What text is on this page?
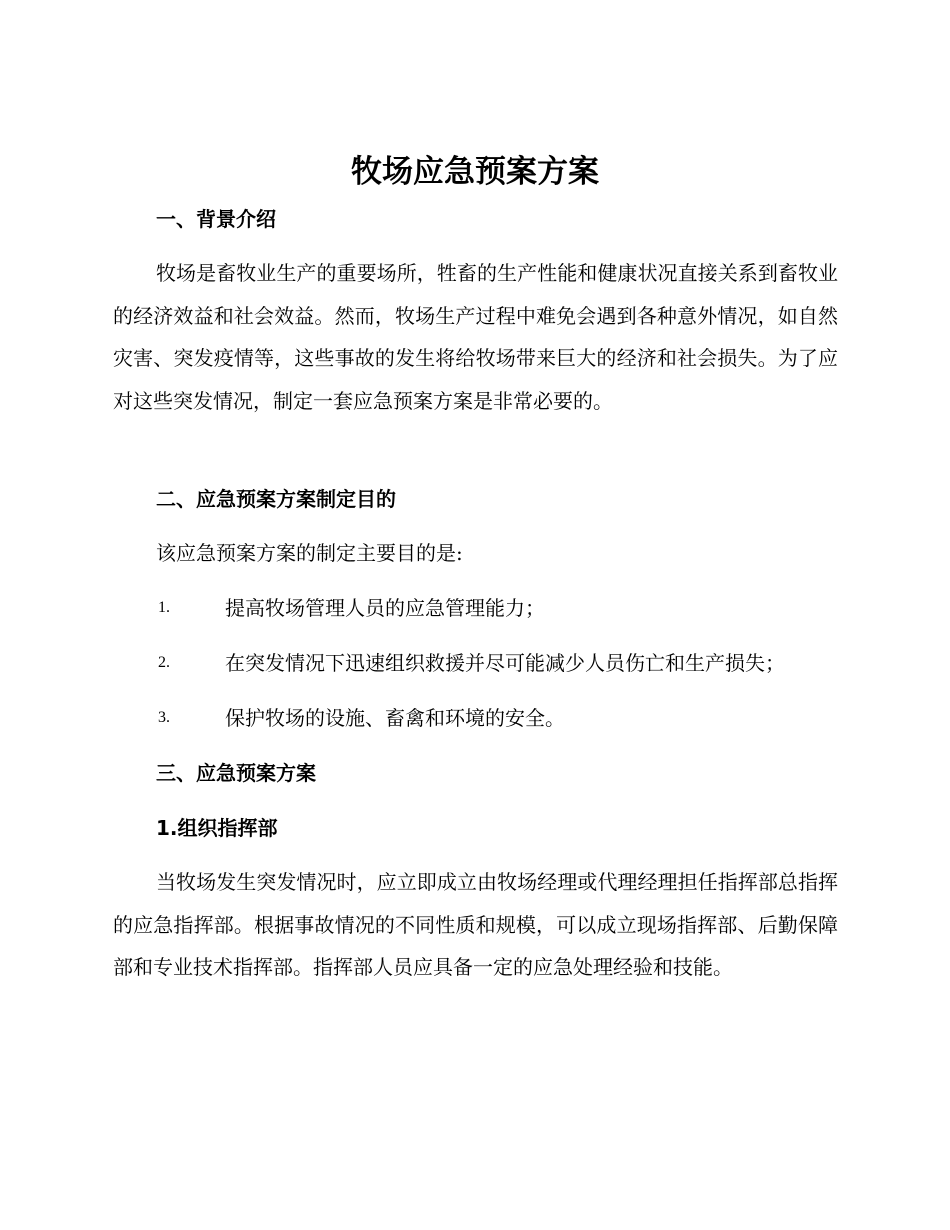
牧场应急预案方案
一、背景介绍

牧场是畜牧业生产的重要场所，牲畜的生产性能和健康状况直接关系到畜牧业的经济效益和社会效益。然而，牧场生产过程中难免会遇到各种意外情况，如自然灾害、突发疫情等，这些事故的发生将给牧场带来巨大的经济和社会损失。为了应对这些突发情况，制定一套应急预案方案是非常必要的。

二、应急预案方案制定目的

该应急预案方案的制定主要目的是:

1.	提高牧场管理人员的应急管理能力；
2.	在突发情况下迅速组织救援并尽可能减少人员伤亡和生产损失；
3.	保护牧场的设施、畜禽和环境的安全。
三、应急预案方案
1.组织指挥部

当牧场发生突发情况时，应立即成立由牧场经理或代理经理担任指挥部总指挥的应急指挥部。根据事故情况的不同性质和规模，可以成立现场指挥部、后勤保障部和专业技术指挥部。指挥部人员应具备一定的应急处理经验和技能。
